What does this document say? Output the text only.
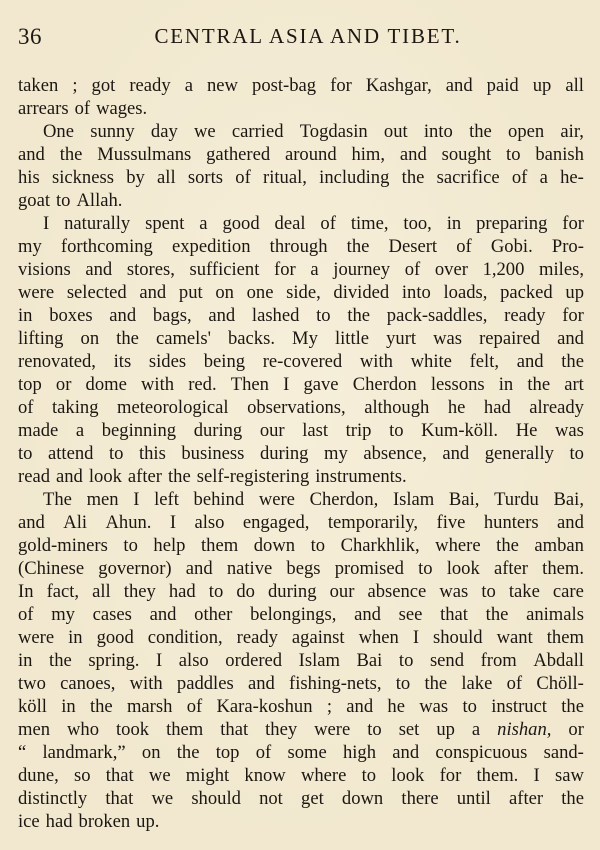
36	CENTRAL ASIA AND TIBET.
taken ; got ready a new post-bag for Kashgar, and paid up all
arrears of wages.
One sunny day we carried Togdasin out into the open air,
and the Mussulmans gathered around him, and sought to banish
his sickness by all sorts of ritual, including the sacrifice of a he-
goat to Allah.
I naturally spent a good deal of time, too, in preparing for
my forthcoming expedition through the Desert of Gobi. Pro-
visions and stores, sufficient for a journey of over 1,200 miles,
were selected and put on one side, divided into loads, packed up
in boxes and bags, and lashed to the pack-saddles, ready for
lifting on the camels' backs. My little yurt was repaired and
renovated, its sides being re-covered with white felt, and the
top or dome with red. Then I gave Cherdon lessons in the art
of taking meteorological observations, although he had already
made a beginning during our last trip to Kum-köll. He was
to attend to this business during my absence, and generally to
read and look after the self-registering instruments.
The men I left behind were Cherdon, Islam Bai, Turdu Bai,
and Ali Ahun. I also engaged, temporarily, five hunters and
gold-miners to help them down to Charkhlik, where the amban
(Chinese governor) and native begs promised to look after them.
In fact, all they had to do during our absence was to take care
of my cases and other belongings, and see that the animals
were in good condition, ready against when I should want them
in the spring. I also ordered Islam Bai to send from Abdall
two canoes, with paddles and fishing-nets, to the lake of Chöll-
köll in the marsh of Kara-koshun ; and he was to instruct the
men who took them that they were to set up a nishan, or
“ landmark,” on the top of some high and conspicuous sand-
dune, so that we might know where to look for them. I saw
distinctly that we should not get down there until after the
ice had broken up.
